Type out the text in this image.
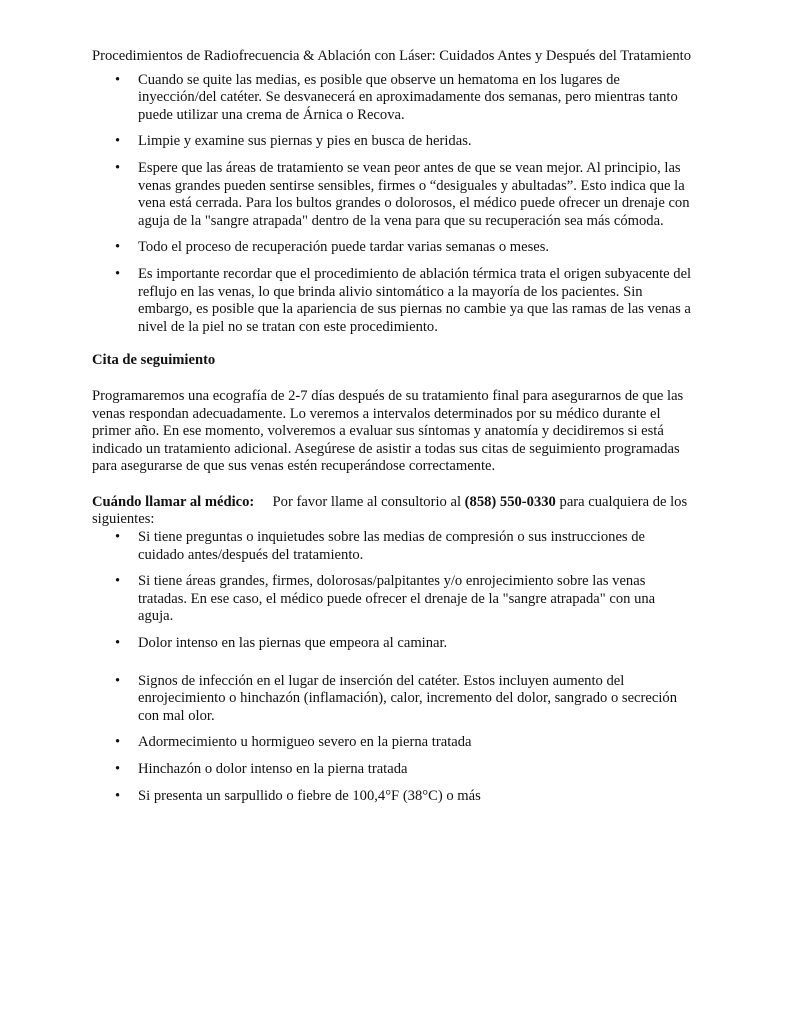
Procedimientos de Radiofrecuencia & Ablación con Láser: Cuidados Antes y Después del Tratamiento

• Cuando se quite las medias, es posible que observe un hematoma en los lugares de inyección/del catéter. Se desvanecerá en aproximadamente dos semanas, pero mientras tanto puede utilizar una crema de Árnica o Recova.
• Limpie y examine sus piernas y pies en busca de heridas.
• Espere que las áreas de tratamiento se vean peor antes de que se vean mejor. Al principio, las venas grandes pueden sentirse sensibles, firmes o “desiguales y abultadas”. Esto indica que la vena está cerrada. Para los bultos grandes o dolorosos, el médico puede ofrecer un drenaje con aguja de la "sangre atrapada" dentro de la vena para que su recuperación sea más cómoda.
• Todo el proceso de recuperación puede tardar varias semanas o meses.
• Es importante recordar que el procedimiento de ablación térmica trata el origen subyacente del reflujo en las venas, lo que brinda alivio sintomático a la mayoría de los pacientes. Sin embargo, es posible que la apariencia de sus piernas no cambie ya que las ramas de las venas a nivel de la piel no se tratan con este procedimiento.

Cita de seguimiento

Programaremos una ecografía de 2-7 días después de su tratamiento final para asegurarnos de que las venas respondan adecuadamente. Lo veremos a intervalos determinados por su médico durante el primer año. En ese momento, volveremos a evaluar sus síntomas y anatomía y decidiremos si está indicado un tratamiento adicional. Asegúrese de asistir a todas sus citas de seguimiento programadas para asegurarse de que sus venas estén recuperándose correctamente.

Cuándo llamar al médico: Por favor llame al consultorio al (858) 550-0330 para cualquiera de los siguientes:

• Si tiene preguntas o inquietudes sobre las medias de compresión o sus instrucciones de cuidado antes/después del tratamiento.
• Si tiene áreas grandes, firmes, dolorosas/palpitantes y/o enrojecimiento sobre las venas tratadas. En ese caso, el médico puede ofrecer el drenaje de la "sangre atrapada" con una aguja.
• Dolor intenso en las piernas que empeora al caminar.
• Signos de infección en el lugar de inserción del catéter. Estos incluyen aumento del enrojecimiento o hinchazón (inflamación), calor, incremento del dolor, sangrado o secreción con mal olor.
• Adormecimiento u hormigueo severo en la pierna tratada
• Hinchazón o dolor intenso en la pierna tratada
• Si presenta un sarpullido o fiebre de 100,4°F (38°C) o más
